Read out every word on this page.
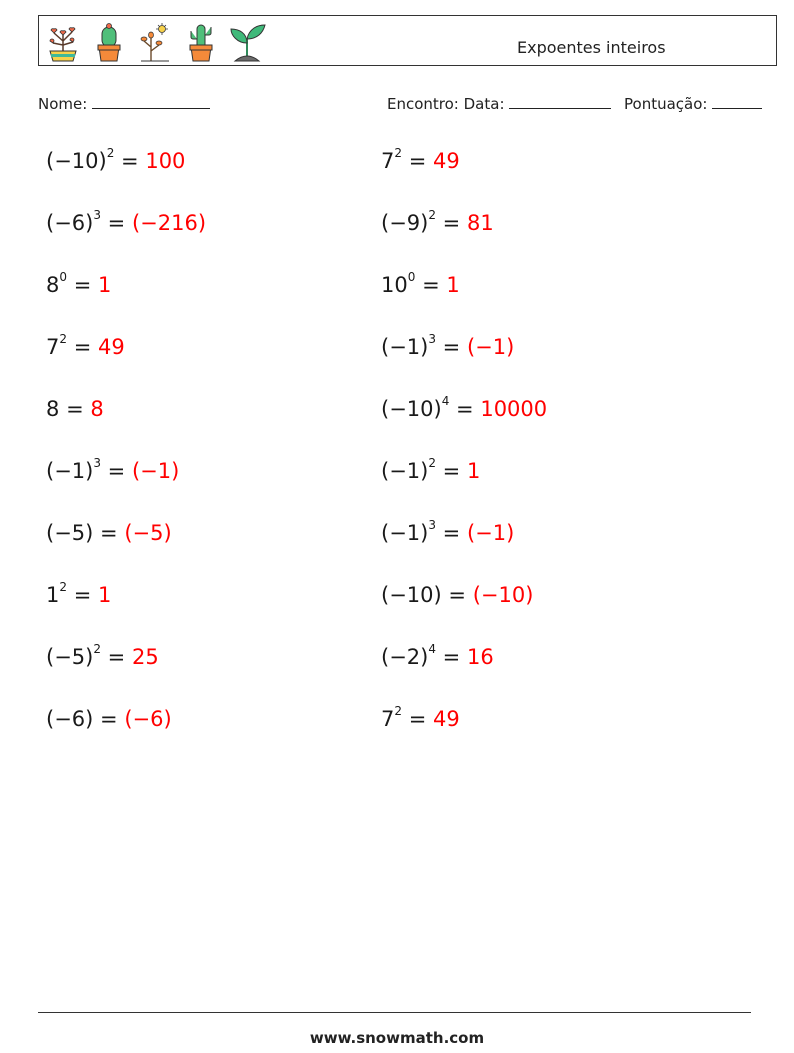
Expoentes inteiros
Nome:	Encontro: Data:	Pontuação:
$(-10)^2 = 100$	$7^2 = 49$
$(-6)^3 = (-216)$	$(-9)^2 = 81$
$8^0 = 1$	$10^0 = 1$
$7^2 = 49$	$(-1)^3 = (-1)$
8 = 8	$(-10)^4 = 10000$
$(-1)^3 = (-1)$	$(-1)^2 = 1$
(−5) = (−5)	$(-1)^3 = (-1)$
$1^2 = 1$	(−10) = (−10)
$(-5)^2 = 25$	$(-2)^4 = 16$
(−6) = (−6)	$7^2 = 49$
www.snowmath.com
